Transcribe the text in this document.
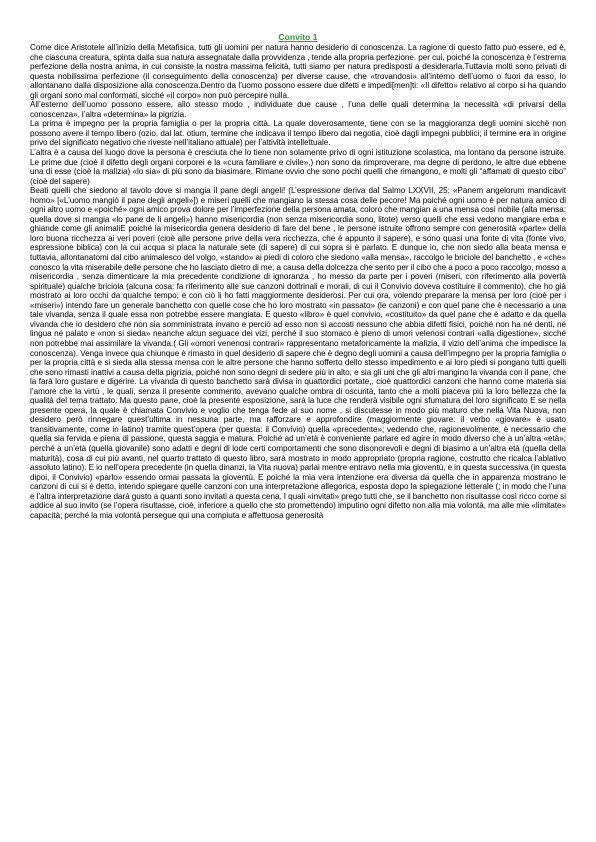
Convito 1

Come dice Aristotele all’inizio della Metafisica, tutti gli uomini per natura hanno desiderio di conoscenza. La ragione di questo fatto può essere, ed è, che ciascuna creatura, spinta dalla sua natura assegnatale dalla provvidenza , tende alla propria perfezione. per cui, poiché la conoscenza è l’estrema perfezione della nostra anima, in cui consiste la nostra massima felicità, tutti siamo per natura predisposti a desiderarla.Tuttavia molti sono privati di questa nobilissima perfezione (il conseguimento della conoscenza) per diverse cause, che «trovandosi» all’interno dell’uomo o fuori da esso, lo allontanano dalla disposizione alla conoscenza.Dentro da l’uomo possono essere due difetti e impedi[men]ti: «Il difetto» relativo al corpo si ha quando gli organi sono mal conformati, sicché «il corpo» non può percepire nulla.

All’esterno dell’uomo possono essere, allo stesso modo , individuate due cause , l’una delle quali determina la necessità «di privarsi della conoscenza», l’altra «determina» la pigrizia.

La prima è impegno per la propria famiglia o per la propria città. La quale doverosamente, tiene con se la maggioranza degli uomini sicchè non possono avere il tempo libero (ozio, dal lat. otium, termine che indicava il tempo libero dai negotia, cioè dagli impegni pubblici; il termine era in origine privo del significato negativo che riveste nell’italiano attuale) per l’attività intellettuale.

L’altra è a causa del luogo dove la persona è cresciuta che lo tiene non solamente privo di ogni istituzione scolastica, ma lontano da persone istruite. Le prime due (cioè il difetto degli organi corporei e la «cura familiare e civile»,) non sono da rimproverare, ma degne di perdono, le altre due ebbene una di esse (cioè la malizia) «lo sia» di più sono da biasimare. Rimane ovvio che sono pochi quelli che rimangono, e molti gli “affamati di questo cibo” (cioè del sapere)

Beati quelli che siedono al tavolo dove si mangia il pane degli angeli! (L’espressione deriva dal Salmo LXXVII, 25: «Panem angelorum mandicavit homo» [«L’uomo mangiò il pane degli angeli»]) e miseri quelli che mangiano la stessa cosa delle pecore! Ma poiché ogni uomo è per natura amico di ogni altro uomo e «poiché» ogni amico prova dolore per l’imperfezione della persona amata, coloro che mangian a una mensa così nobile (alta mensa: quella dove si mangia «lo pane de li angeli») hanno misericordia (non senza misericordia sono, litote) verso quelli che essi vedono mangiare erba e ghiande come gli animaliE poiché la misericordia genera desiderio di fare del bene , le persone istruite offrono sempre con generosità «parte» della loro buona ricchezza ai veri poveri (cioè alle persone prive della vera ricchezza, che è appunto il sapere), e sono quasi una fonte di vita (fonte vivo, espressione biblica) con la cui acqua si placa la naturale sete (di sapere) di cui sopra si è parlato. E dunque io, che non siedo alla beata mensa e tuttavia, allontanatomi dal cibo animalesco del volgo, «stando» ai piedi di coloro che siedono «alla mensa», raccolgo le briciole del banchetto , e «che» conosco la vita miserabile delle persone che ho lasciato dietro di me, a causa della dolcezza che sento per il cibo che a poco a poco raccolgo, mosso a misericordia , senza dimenticare la mia precedente condizione di ignoranza , ho messo da parte per i poveri (miseri, con riferimento alla povertà spirituale) qualche briciola (alcuna cosa: fa riferimento alle sue canzoni dottrinali e morali, di cui il Convivio doveva costituire il commento), che ho già mostrato ai loro occhi da qualche tempo; e con ciò li ho fatti maggiormente desiderosi. Per cui ora, volendo preparare la mensa per loro (cioè per i «miseri») intendo fare un generale banchetto con quelle cose che ho loro mostrato «in passato» (le canzoni) e con quel pane che è necessario a una tale vivanda, senza il quale essa non potrebbe essere mangiata. E questo «libro» è quel convivio, «costituito» da quel pane che è adatto e da quella vivanda che io desidero che non sia somministrata invano e perciò ad esso non si accosti nessuno che abbia difetti fisici, poiché non ha né denti, né lingua né palato e «non si sieda» neanche alcun seguace dei vizi, perché il suo stomaco è pieno di umori velenosi contrari «alla digestione», sicché non potrebbe mai assimilare la vivanda.( Gli «omori venenosi contrari» rappresentano metaforicamente la malizia, il vizio dell’anima che impedisce la conoscenza). Venga invece qua chiunque è rimasto in quel desiderio di sapere che è degno degli uomini a causa dell’impegno per la propria famiglia o per la propria città e si sieda alla stessa mensa con le altre persone che hanno sofferto dello stesso impedimento e ai loro piedi si pongano tutti quelli che sono rimasti inattivi a causa della pigrizia, poiché non sono degni di sedere più in alto; e sia gli uni che gli altri mangino la vivanda con il pane, che la farà loro gustare e digerire. La vivanda di questo banchetto sarà divisa in quattordici portate,, cioè quattordici canzoni che hanno come materia sia l’amore che la virtù , le quali, senza il presente commento, avevano qualche ombra di oscurità, tanto che a molti piaceva più la loro bellezza che la qualità del tema trattato. Ma questo pane, cioè la presente esposizione, sarà la luce che renderà visibile ogni sfumatura del loro significato E se nella presente opera, la quale è chiamata Convivio e voglio che tenga fede al suo nome , si discutesse in modo più maturo che nella Vita Nuova, non desidero però rinnegare quest’ultima in nessuna parte, ma rafforzare e approfondire (maggiormente giovare: il verbo «giovare» è usato transitivamente, come in latino) tramite quest’opera (per questa: il Convivio) quella «precedente»; vedendo che, ragionevolmente, è necessario che quella sia fervida e piena di passione, questa saggia e matura. Poiché ad un’età è conveniente parlare ed agire in modo diverso che a un’altra «età»; perché a un’età (quella giovanile) sono adatti e degni di lode certi comportamenti che sono disonorevoli e degni di biasimo a un’altra età (quella della maturità), cosa di cui più avanti, nel quarto trattato di questo libro, sarà mostrato in modo appropriato (propria ragione, costrutto che ricalca l’ablativo assoluto latino). E io nell’opera precedente (in quella dinanzi, la Vita nuova) parlai mentre entravo nella mia gioventù, e in questa successiva (in questa dipoi, il Convivio) «parlo» essendo ormai passata la gioventù. E poiché la mia vera intenzione era diversa da quella che in apparenza mostrano le canzoni di cui si è detto, intendo spiegare quelle canzoni con una interpretazione allegorica, esposta dopo la spiegazione letterale (; in modo che l’una e l’altra interpretazione darà gusto a quanti sono invitati a questa cena. I quali «invitati» prego tutti che, se il banchetto non risultasse così ricco come si addice al suo invito (se l’opera risultasse, cioè, inferiore a quello che sto promettendo) imputino ogni difetto non alla mia volontà, ma alle mie «limitate» capacità; perché la mia volontà persegue qui una compiuta e affettuosa generosità
